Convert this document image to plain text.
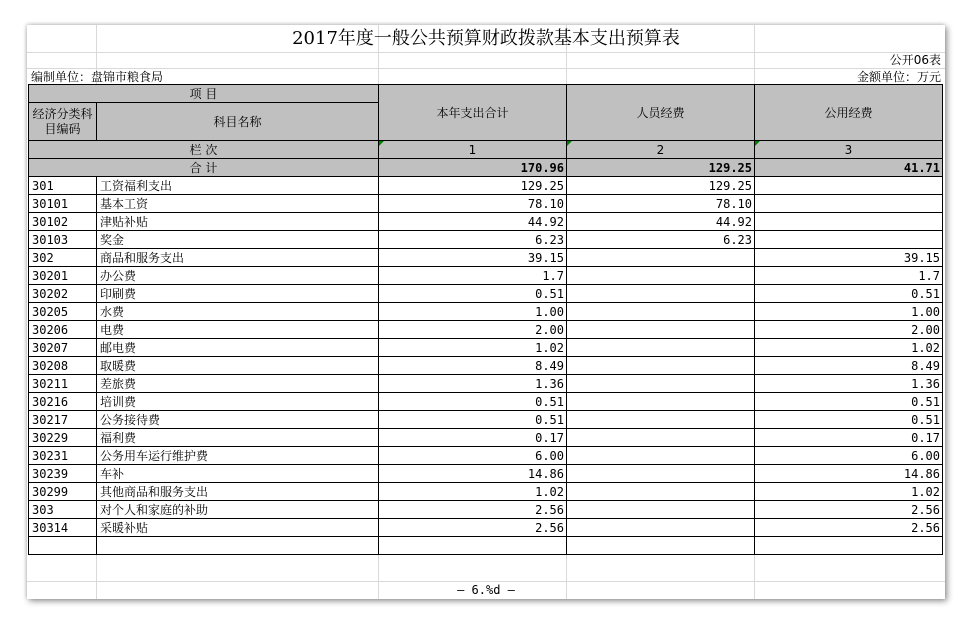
2017年度一般公共预算财政拨款基本支出预算表
公开06表
编制单位：盘锦市粮食局	金额单位：万元
项 目		本年支出合计	人员经费	公用经费
经济分类科目编码	科目名称			

栏 次		1	2	3
合 计		170.96	129.25	41.71
301	工资福利支出	129.25	129.25	
30101	基本工资	78.10	78.10	
30102	津贴补贴	44.92	44.92	
30103	奖金	6.23	6.23	
302	商品和服务支出	39.15		39.15
30201	办公费	1.7		1.7
30202	印刷费	0.51		0.51
30205	水费	1.00		1.00
30206	电费	2.00		2.00
30207	邮电费	1.02		1.02
30208	取暖费	8.49		8.49
30211	差旅费	1.36		1.36
30216	培训费	0.51		0.51
30217	公务接待费	0.51		0.51
30229	福利费	0.17		0.17
30231	公务用车运行维护费	6.00		6.00
30239	车补	14.86		14.86
30299	其他商品和服务支出	1.02		1.02
303	对个人和家庭的补助	2.56		2.56
30314	采暖补贴	2.56		2.56

— 6.%d —
